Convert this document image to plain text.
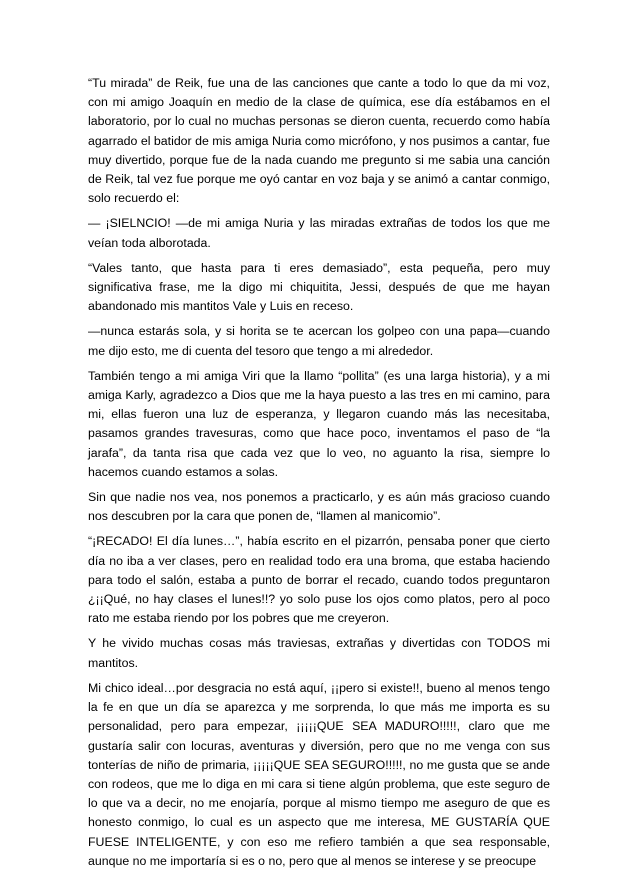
“Tu mirada” de Reik, fue una de las canciones que cante a todo lo que da mi voz, con mi amigo Joaquín en medio de la clase de química, ese día estábamos en el laboratorio, por lo cual no muchas personas se dieron cuenta, recuerdo como había agarrado el batidor de mis amiga Nuria como micrófono, y nos pusimos a cantar, fue muy divertido, porque fue de la nada cuando me pregunto si me sabia una canción de Reik, tal vez fue porque me oyó cantar en voz baja y se animó a cantar conmigo, solo recuerdo el:

— ¡SIELNCIO! —de mi amiga Nuria y las miradas extrañas de todos los que me veían toda alborotada.

“Vales tanto, que hasta para ti eres demasiado”, esta pequeña, pero muy significativa frase, me la digo mi chiquitita, Jessi, después de que me hayan abandonado mis mantitos Vale y Luis en receso.

—nunca estarás sola, y si horita se te acercan los golpeo con una papa—cuando me dijo esto, me di cuenta del tesoro que tengo a mi alrededor.

También tengo a mi amiga Viri que la llamo “pollita” (es una larga historia), y a mi amiga Karly, agradezco a Dios que me la haya puesto a las tres en mi camino, para mi, ellas fueron una luz de esperanza, y llegaron cuando más las necesitaba, pasamos grandes travesuras, como que hace poco, inventamos el paso de “la jarafa”, da tanta risa que cada vez que lo veo, no aguanto la risa, siempre lo hacemos cuando estamos a solas.

Sin que nadie nos vea, nos ponemos a practicarlo, y es aún más gracioso cuando nos descubren por la cara que ponen de, “llamen al manicomio”.

“¡RECADO! El día lunes…”, había escrito en el pizarrón, pensaba poner que cierto día no iba a ver clases, pero en realidad todo era una broma, que estaba haciendo para todo el salón, estaba a punto de borrar el recado, cuando todos preguntaron ¿¡¡Qué, no hay clases el lunes!!? yo solo puse los ojos como platos, pero al poco rato me estaba riendo por los pobres que me creyeron.

Y he vivido muchas cosas más traviesas, extrañas y divertidas con TODOS mi mantitos.

Mi chico ideal…por desgracia no está aquí, ¡¡pero si existe!!, bueno al menos tengo la fe en que un día se aparezca y me sorprenda, lo que más me importa es su personalidad, pero para empezar, ¡¡¡¡¡QUE SEA MADURO!!!!!, claro que me gustaría salir con locuras, aventuras y diversión, pero que no me venga con sus tonterías de niño de primaria, ¡¡¡¡¡QUE SEA SEGURO!!!!!, no me gusta que se ande con rodeos, que me lo diga en mi cara si tiene algún problema, que este seguro de lo que va a decir, no me enojaría, porque al mismo tiempo me aseguro de que es honesto conmigo, lo cual es un aspecto que me interesa, ME GUSTARÍA QUE FUESE INTELIGENTE, y con eso me refiero también a que sea responsable, aunque no me importaría si es o no, pero que al menos se interese y se preocupe
